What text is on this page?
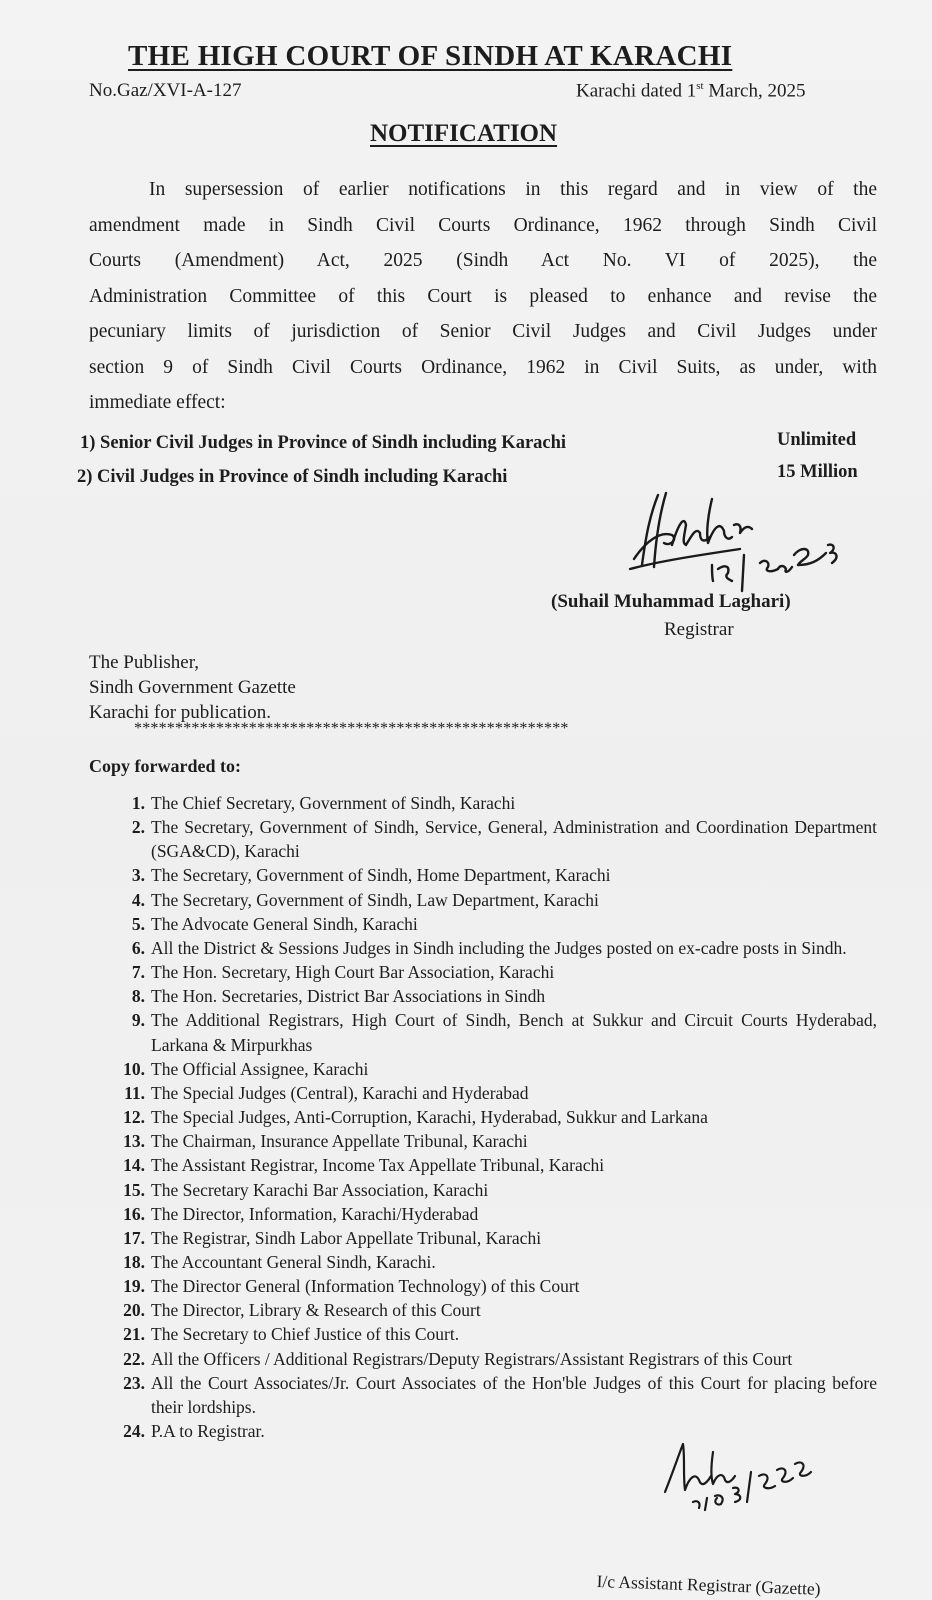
THE HIGH COURT OF SINDH AT KARACHI
No.Gaz/XVI-A-127	Karachi dated 1st March, 2025
NOTIFICATION
In supersession of earlier notifications in this regard and in view of the
amendment made in Sindh Civil Courts Ordinance, 1962 through Sindh Civil
Courts (Amendment) Act, 2025 (Sindh Act No. VI of 2025), the
Administration Committee of this Court is pleased to enhance and revise the
pecuniary limits of jurisdiction of Senior Civil Judges and Civil Judges under
section 9 of Sindh Civil Courts Ordinance, 1962 in Civil Suits, as under, with
immediate effect:
1) Senior Civil Judges in Province of Sindh including Karachi	Unlimited
2) Civil Judges in Province of Sindh including Karachi	15 Million
(Suhail Muhammad Laghari)
Registrar
The Publisher,
Sindh Government Gazette
Karachi for publication.
*****************************************************
Copy forwarded to:
1. The Chief Secretary, Government of Sindh, Karachi
2. The Secretary, Government of Sindh, Service, General, Administration and Coordination Department (SGA&CD), Karachi
3. The Secretary, Government of Sindh, Home Department, Karachi
4. The Secretary, Government of Sindh, Law Department, Karachi
5. The Advocate General Sindh, Karachi
6. All the District & Sessions Judges in Sindh including the Judges posted on ex-cadre posts in Sindh.
7. The Hon. Secretary, High Court Bar Association, Karachi
8. The Hon. Secretaries, District Bar Associations in Sindh
9. The Additional Registrars, High Court of Sindh, Bench at Sukkur and Circuit Courts Hyderabad, Larkana & Mirpurkhas
10. The Official Assignee, Karachi
11. The Special Judges (Central), Karachi and Hyderabad
12. The Special Judges, Anti-Corruption, Karachi, Hyderabad, Sukkur and Larkana
13. The Chairman, Insurance Appellate Tribunal, Karachi
14. The Assistant Registrar, Income Tax Appellate Tribunal, Karachi
15. The Secretary Karachi Bar Association, Karachi
16. The Director, Information, Karachi/Hyderabad
17. The Registrar, Sindh Labor Appellate Tribunal, Karachi
18. The Accountant General Sindh, Karachi.
19. The Director General (Information Technology) of this Court
20. The Director, Library & Research of this Court
21. The Secretary to Chief Justice of this Court.
22. All the Officers / Additional Registrars/Deputy Registrars/Assistant Registrars of this Court
23. All the Court Associates/Jr. Court Associates of the Hon'ble Judges of this Court for placing before their lordships.
24. P.A to Registrar.
I/c Assistant Registrar (Gazette)
